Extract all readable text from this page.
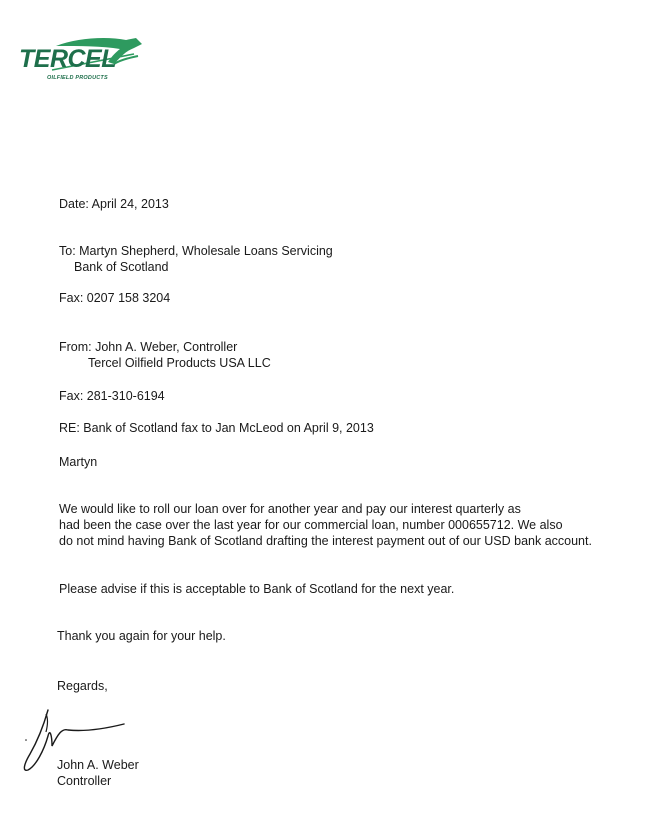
TERCEL
OILFIELD PRODUCTS
Date: April 24, 2013
To: Martyn Shepherd, Wholesale Loans Servicing
Bank of Scotland
Fax: 0207 158 3204
From: John A. Weber, Controller
Tercel Oilfield Products USA LLC
Fax: 281-310-6194
RE: Bank of Scotland fax to Jan McLeod on April 9, 2013
Martyn
We would like to roll our loan over for another year and pay our interest quarterly as
had been the case over the last year for our commercial loan, number 000655712. We also
do not mind having Bank of Scotland drafting the interest payment out of our USD bank account.
Please advise if this is acceptable to Bank of Scotland for the next year.
Thank you again for your help.
Regards,
John A. Weber
Controller
